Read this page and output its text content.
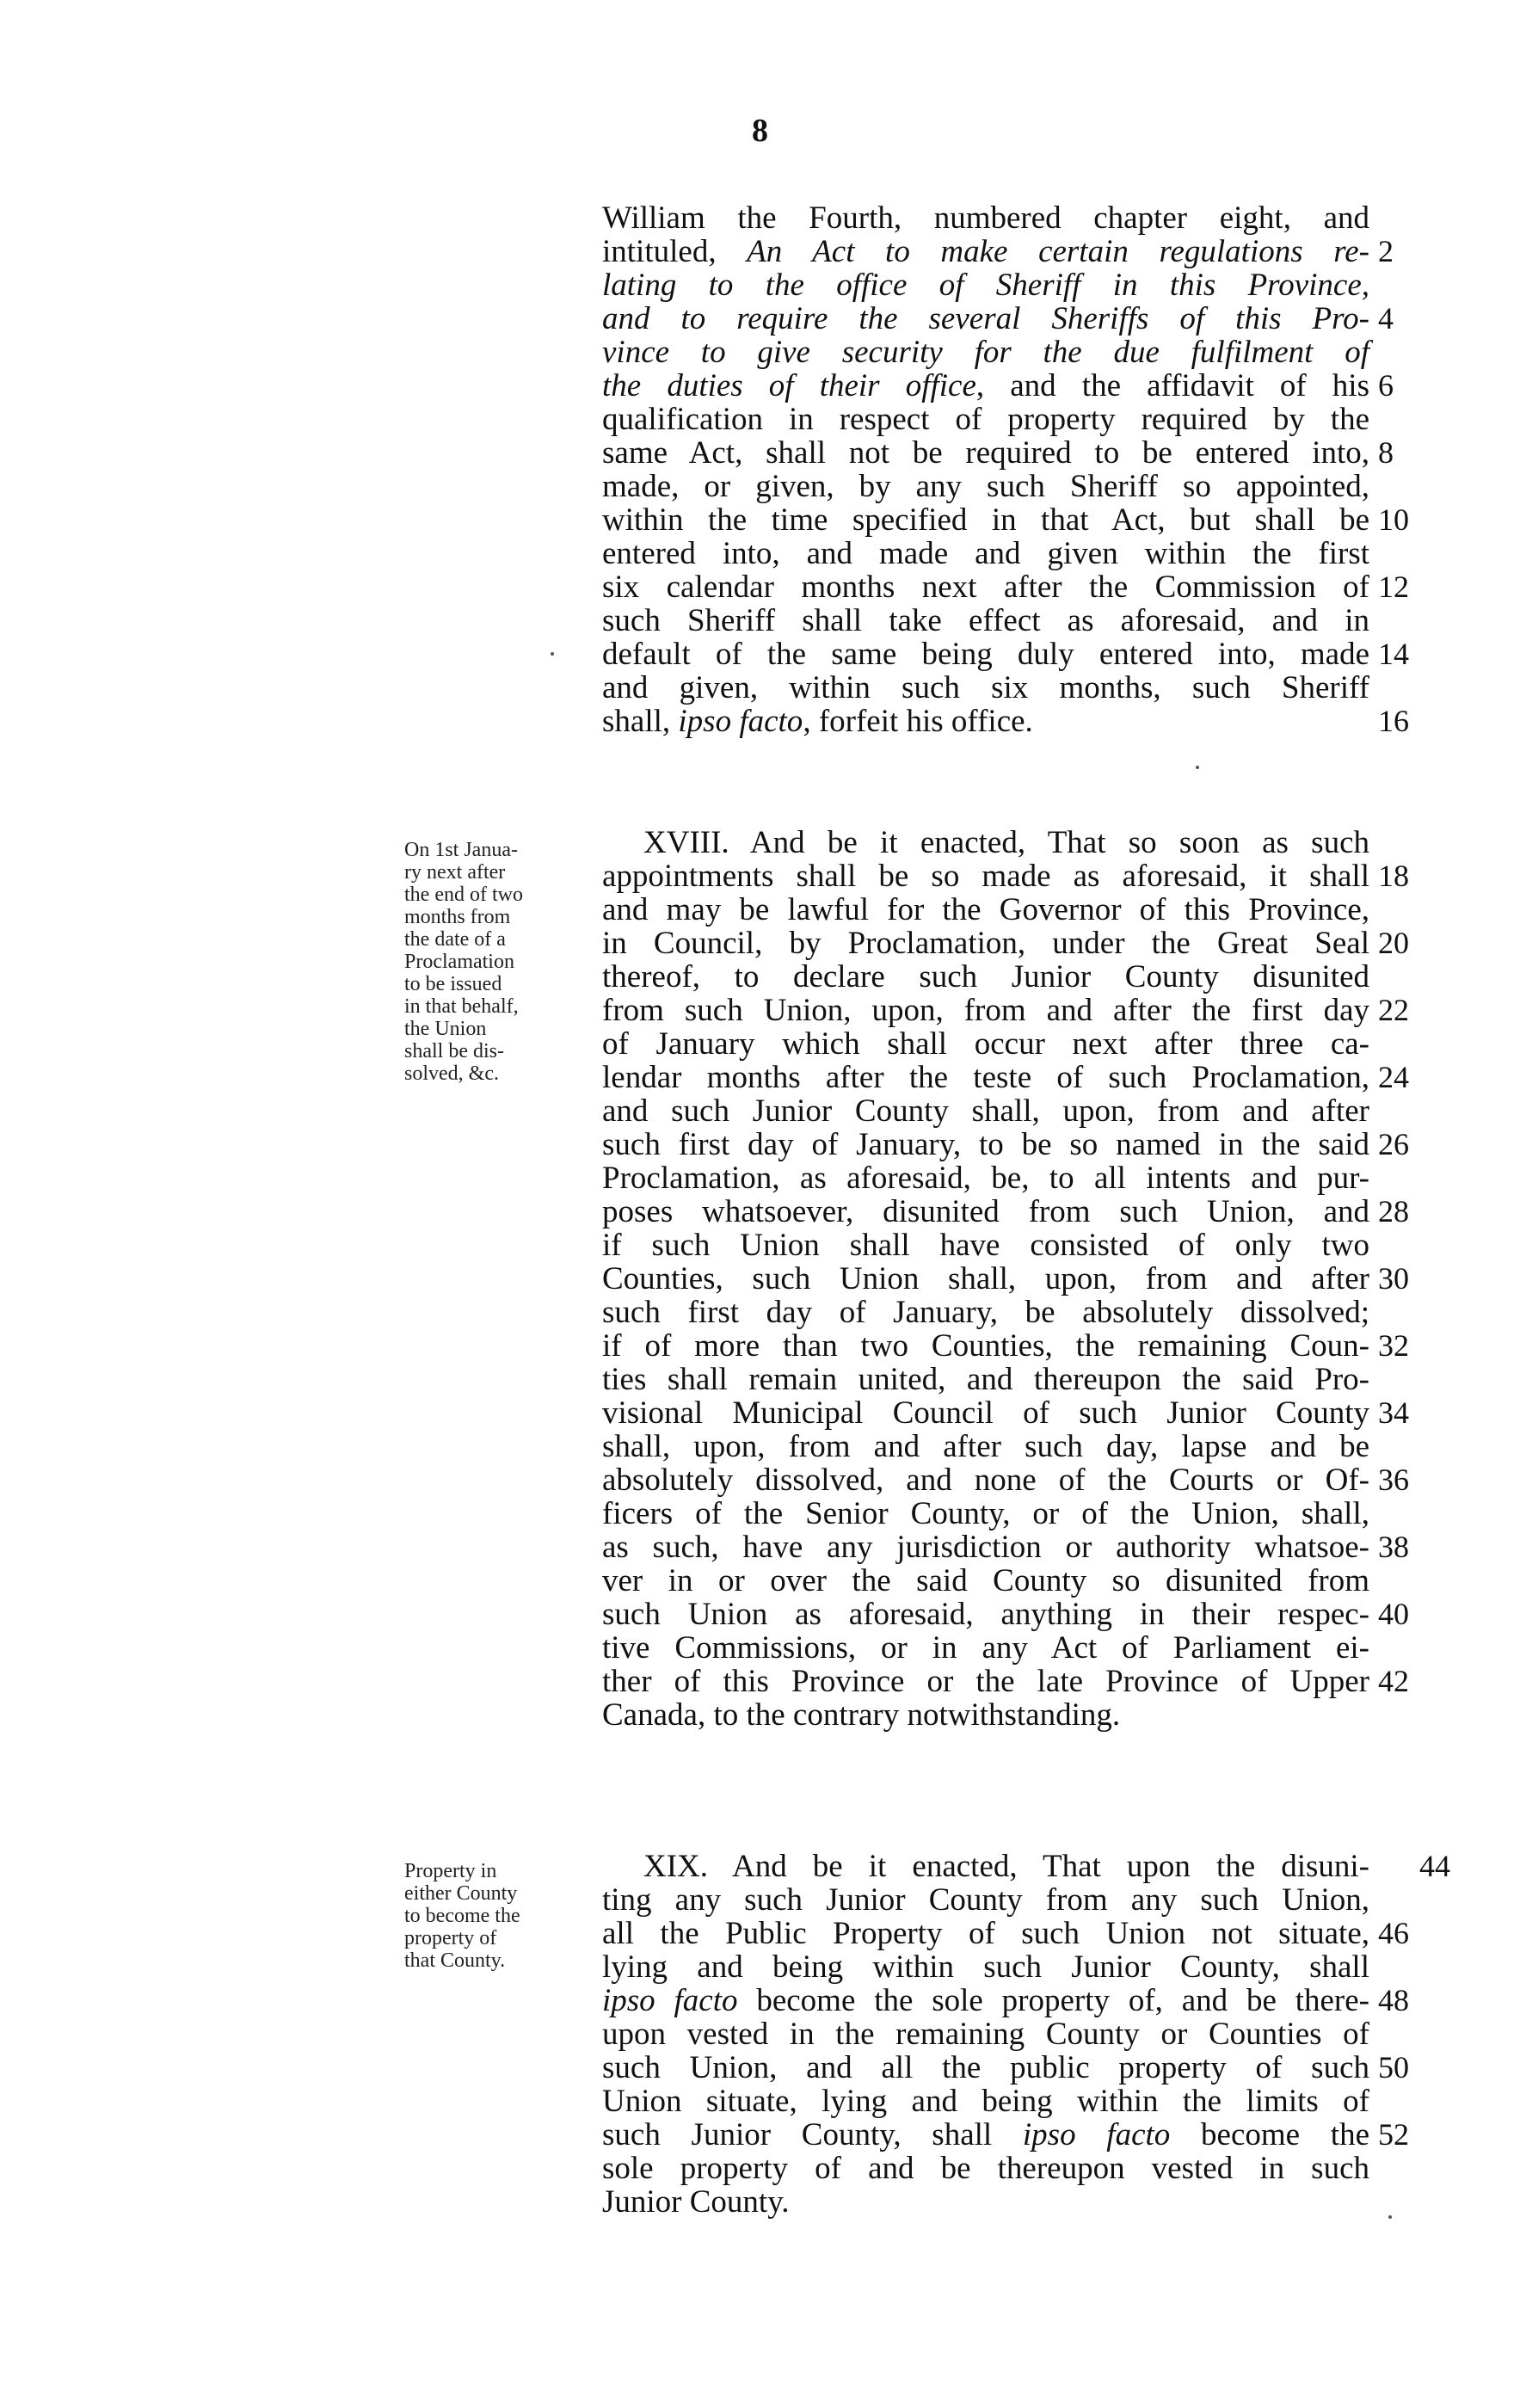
8
William the Fourth, numbered chapter eight, and
intituled, An Act to make certain regulations re- 2
lating to the office of Sheriff in this Province,
and to require the several Sheriffs of this Pro- 4
vince to give security for the due fulfilment of
the duties of their office, and the affidavit of his 6
qualification in respect of property required by the
same Act, shall not be required to be entered into, 8
made, or given, by any such Sheriff so appointed,
within the time specified in that Act, but shall be 10
entered into, and made and given within the first
six calendar months next after the Commission of 12
such Sheriff shall take effect as aforesaid, and in
default of the same being duly entered into, made 14
and given, within such six months, such Sheriff
shall, ipso facto, forfeit his office.	16
XVIII. And be it enacted, That so soon as such
appointments shall be so made as aforesaid, it shall 18
and may be lawful for the Governor of this Province,
in Council, by Proclamation, under the Great Seal 20
thereof, to declare such Junior County disunited
from such Union, upon, from and after the first day 22
of January which shall occur next after three ca-
lendar months after the teste of such Proclamation, 24
and such Junior County shall, upon, from and after
such first day of January, to be so named in the said 26
Proclamation, as aforesaid, be, to all intents and pur-
poses whatsoever, disunited from such Union, and 28
if such Union shall have consisted of only two
Counties, such Union shall, upon, from and after 30
such first day of January, be absolutely dissolved;
if of more than two Counties, the remaining Coun- 32
ties shall remain united, and thereupon the said Pro-
visional Municipal Council of such Junior County 34
shall, upon, from and after such day, lapse and be
absolutely dissolved, and none of the Courts or Of- 36
ficers of the Senior County, or of the Union, shall,
as such, have any jurisdiction or authority whatsoe- 38
ver in or over the said County so disunited from
such Union as aforesaid, anything in their respec- 40
tive Commissions, or in any Act of Parliament ei-
ther of this Province or the late Province of Upper 42
Canada, to the contrary notwithstanding.
XIX. And be it enacted, That upon the disuni- 44
ting any such Junior County from any such Union,
all the Public Property of such Union not situate, 46
lying and being within such Junior County, shall
ipso facto become the sole property of, and be there- 48
upon vested in the remaining County or Counties of
such Union, and all the public property of such 50
Union situate, lying and being within the limits of
such Junior County, shall ipso facto become the 52
sole property of and be thereupon vested in such
Junior County.
On 1st Janua-
ry next after
the end of two
months from
the date of a
Proclamation
to be issued
in that behalf,
the Union
shall be dis-
solved, &c.
Property in
either County
to become the
property of
that County.
